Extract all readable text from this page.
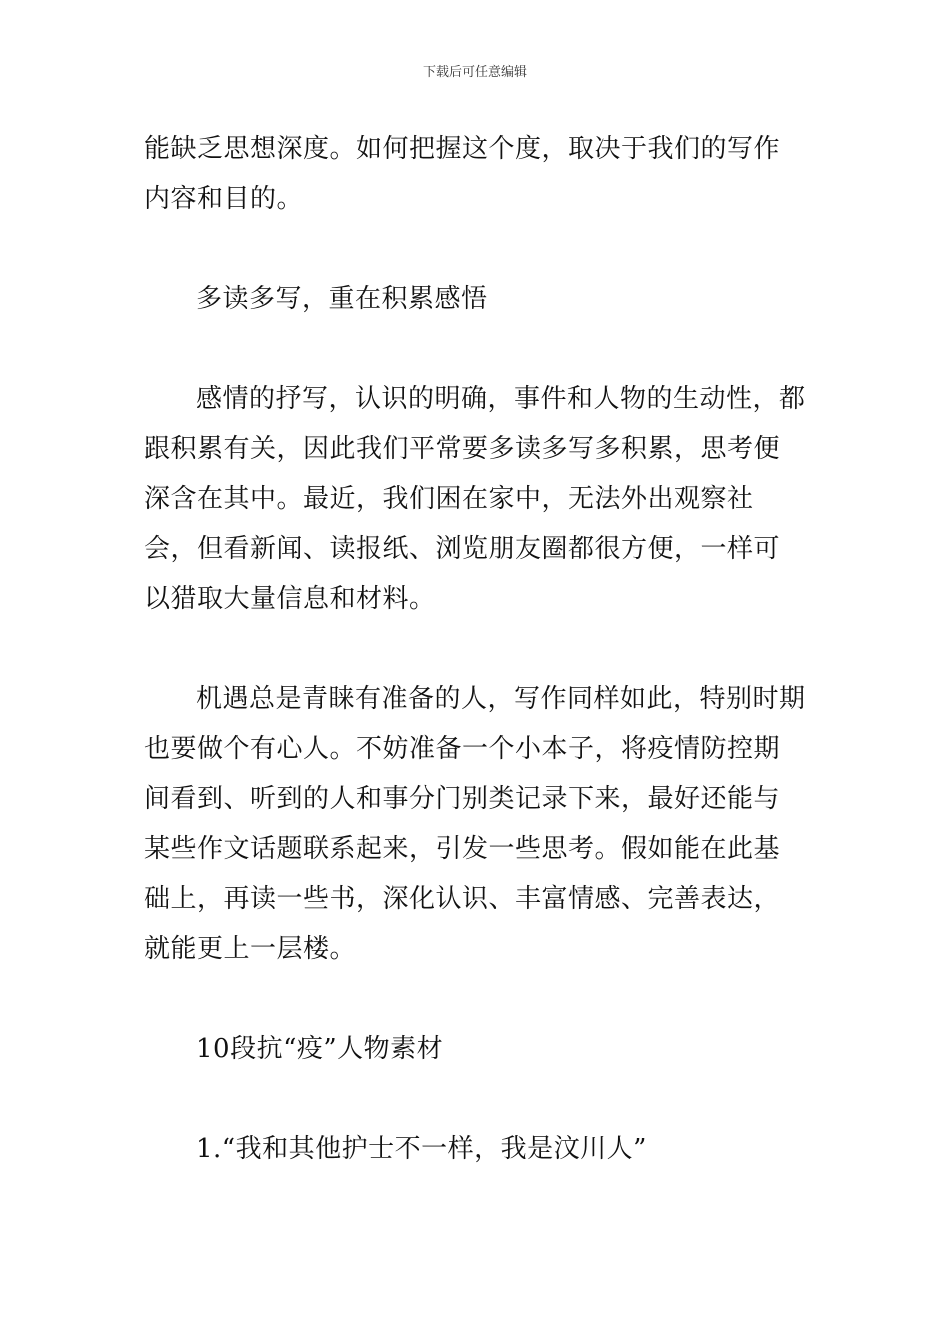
下载后可任意编辑

能缺乏思想深度。如何把握这个度，取决于我们的写作内容和目的。

多读多写，重在积累感悟

感情的抒写，认识的明确，事件和人物的生动性，都跟积累有关，因此我们平常要多读多写多积累，思考便深含在其中。最近，我们困在家中，无法外出观察社会，但看新闻、读报纸、浏览朋友圈都很方便，一样可以猎取大量信息和材料。

机遇总是青睐有准备的人，写作同样如此，特别时期也要做个有心人。不妨准备一个小本子，将疫情防控期间看到、听到的人和事分门别类记录下来，最好还能与某些作文话题联系起来，引发一些思考。假如能在此基础上，再读一些书，深化认识、丰富情感、完善表达，就能更上一层楼。

10段抗“疫”人物素材

1.“我和其他护士不一样，我是汶川人”
